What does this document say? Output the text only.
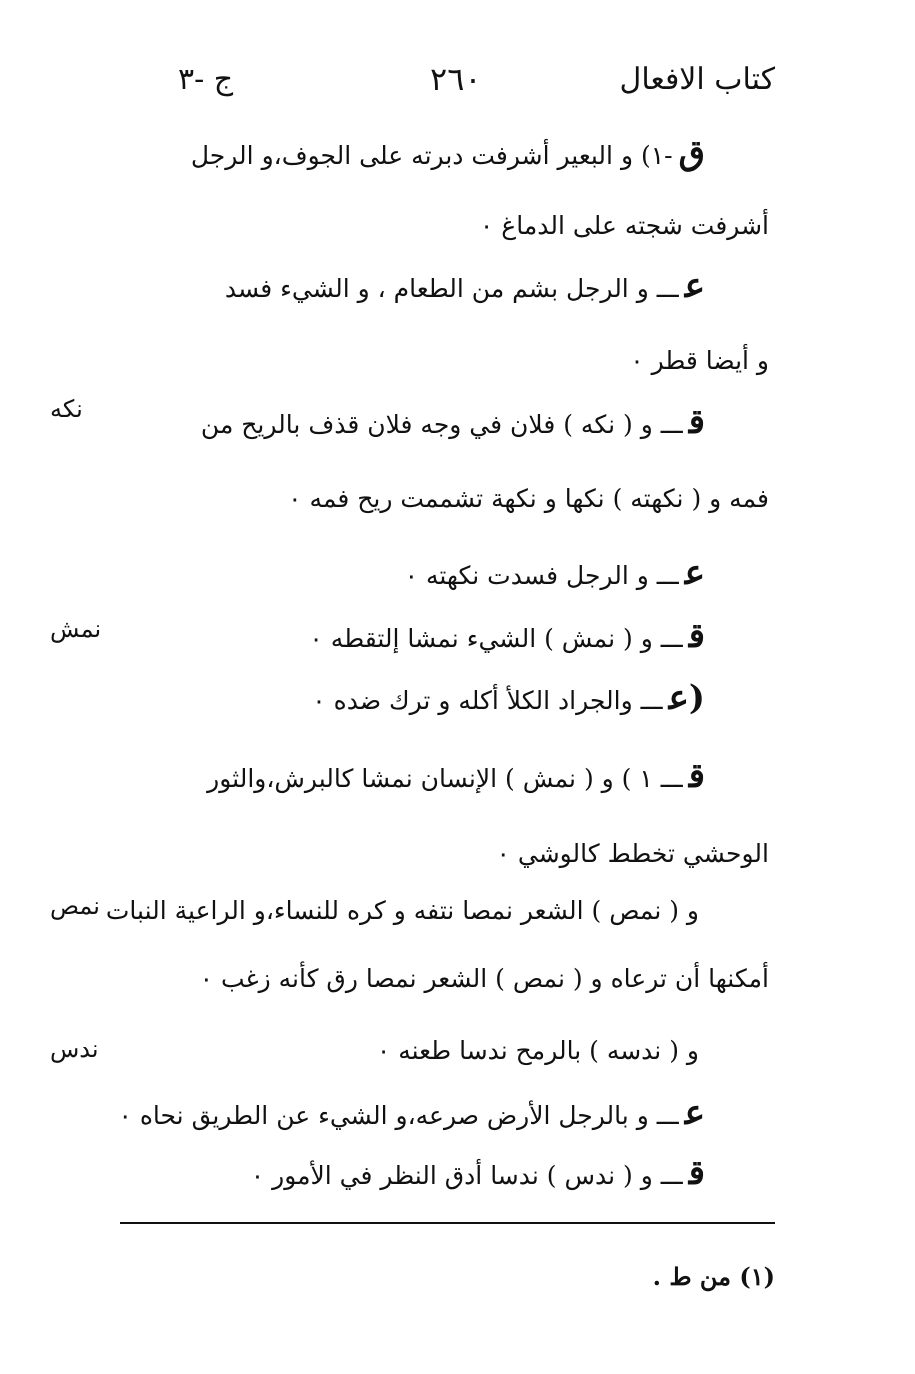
كتاب الافعال
٢٦٠
ج -٣
ق-١) و البعير أشرفت دبرته على الجوف،و الرجل
أشرفت شجته على الدماغ ٠
عـــ و الرجل بشم من الطعام ، و الشيء فسد
و أيضا قطر ٠
قـــ و ( نكه ) فلان في وجه فلان قذف بالريح من
فمه و ( نكهته ) نكها و نكهة تشممت ريح فمه ٠
عـــ و الرجل فسدت نكهته ٠
قـــ و ( نمش ) الشيء نمشا إلتقطه ٠
(عـــ والجراد الكلأ أكله و ترك ضده ٠
قـــ ١ ) و ( نمش ) الإنسان نمشا كالبرش،والثور
الوحشي تخطط كالوشي ٠
و ( نمص ) الشعر نمصا نتفه و كره للنساء،و الراعية النبات
أمكنها أن ترعاه و ( نمص ) الشعر نمصا رق كأنه زغب ٠
و ( ندسه ) بالرمح ندسا طعنه ٠
عـــ و بالرجل الأرض صرعه،و الشيء عن الطريق نحاه ٠
قـــ و ( ندس ) ندسا أدق النظر في الأمور ٠
نكه
نمش
نمص
ندس
(١) من ط .
